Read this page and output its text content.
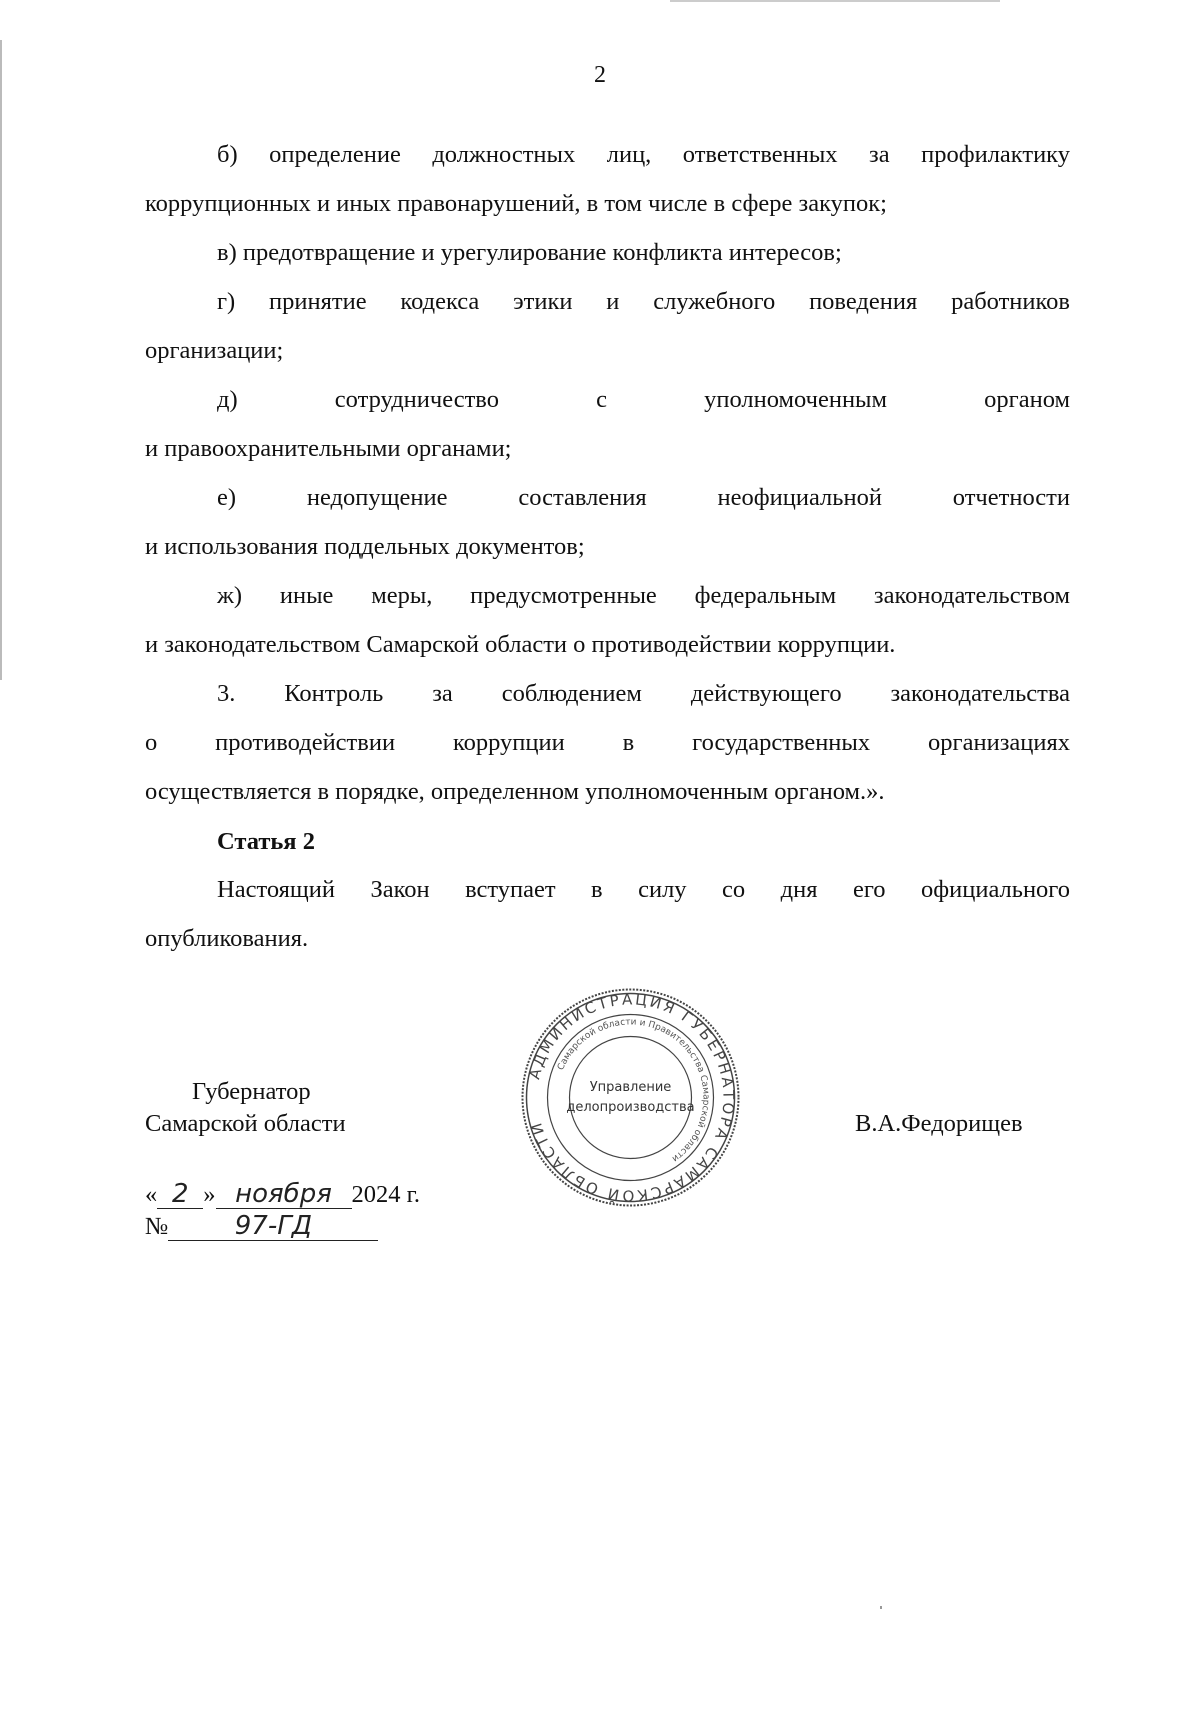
2
б) определение должностных лиц, ответственных за профилактику
коррупционных и иных правонарушений, в том числе в сфере закупок;
в) предотвращение и урегулирование конфликта интересов;
г) принятие кодекса этики и служебного поведения работников
организации;
д) сотрудничество с уполномоченным органом
и правоохранительными органами;
е) недопущение составления неофициальной отчетности
и использования поддельных документов;
ж) иные меры, предусмотренные федеральным законодательством
и законодательством Самарской области о противодействии коррупции.
3. Контроль за соблюдением действующего законодательства
о противодействии коррупции в государственных организациях
осуществляется в порядке, определенном уполномоченным органом.».
Статья 2
Настоящий Закон вступает в силу со дня его официального
опубликования.
Губернатор
Самарской области	В.А.Федорищев
« 2 » ноября 2024 г.
№	97-ГД
АДМИНИСТРАЦИЯ ГУБЕРНАТОРА САМАРСКОЙ ОБЛАСТИ
Самарской области и Правительства Самарской области
Управление
делопроизводства
